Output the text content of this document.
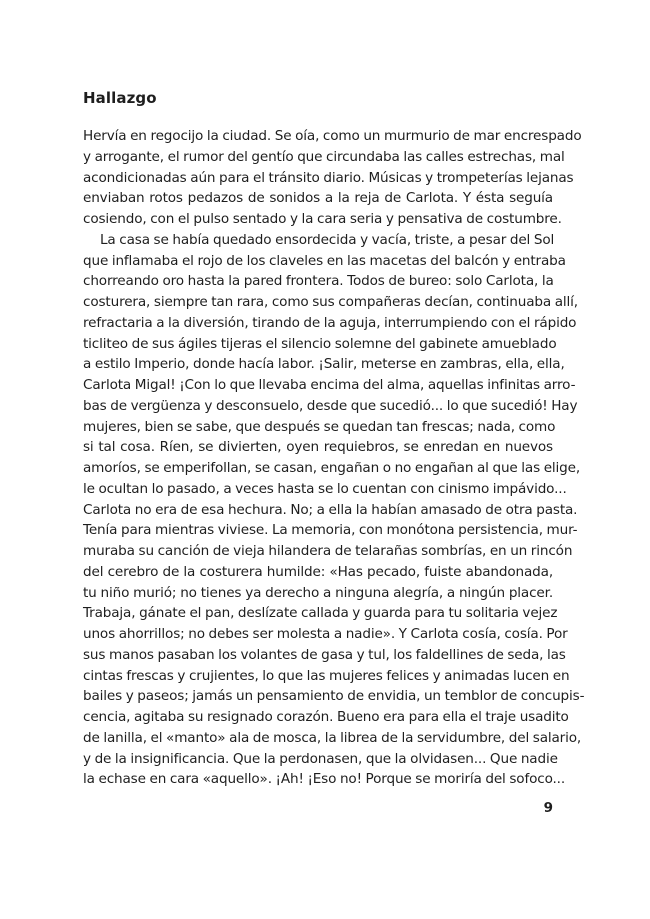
Hallazgo
Hervía en regocijo la ciudad. Se oía, como un murmurio de mar encrespado
y arrogante, el rumor del gentío que circundaba las calles estrechas, mal
acondicionadas aún para el tránsito diario. Músicas y trompeterías lejanas
enviaban rotos pedazos de sonidos a la reja de Carlota. Y ésta seguía
cosiendo, con el pulso sentado y la cara seria y pensativa de costumbre.
La casa se había quedado ensordecida y vacía, triste, a pesar del Sol
que inflamaba el rojo de los claveles en las macetas del balcón y entraba
chorreando oro hasta la pared frontera. Todos de bureo: solo Carlota, la
costurera, siempre tan rara, como sus compañeras decían, continuaba allí,
refractaria a la diversión, tirando de la aguja, interrumpiendo con el rápido
ticliteo de sus ágiles tijeras el silencio solemne del gabinete amueblado
a estilo Imperio, donde hacía labor. ¡Salir, meterse en zambras, ella, ella,
Carlota Migal! ¡Con lo que llevaba encima del alma, aquellas infinitas arro-
bas de vergüenza y desconsuelo, desde que sucedió... lo que sucedió! Hay
mujeres, bien se sabe, que después se quedan tan frescas; nada, como
si tal cosa. Ríen, se divierten, oyen requiebros, se enredan en nuevos
amoríos, se emperifollan, se casan, engañan o no engañan al que las elige,
le ocultan lo pasado, a veces hasta se lo cuentan con cinismo impávido...
Carlota no era de esa hechura. No; a ella la habían amasado de otra pasta.
Tenía para mientras viviese. La memoria, con monótona persistencia, mur-
muraba su canción de vieja hilandera de telarañas sombrías, en un rincón
del cerebro de la costurera humilde: «Has pecado, fuiste abandonada,
tu niño murió; no tienes ya derecho a ninguna alegría, a ningún placer.
Trabaja, gánate el pan, deslízate callada y guarda para tu solitaria vejez
unos ahorrillos; no debes ser molesta a nadie». Y Carlota cosía, cosía. Por
sus manos pasaban los volantes de gasa y tul, los faldellines de seda, las
cintas frescas y crujientes, lo que las mujeres felices y animadas lucen en
bailes y paseos; jamás un pensamiento de envidia, un temblor de concupis-
cencia, agitaba su resignado corazón. Bueno era para ella el traje usadito
de lanilla, el «manto» ala de mosca, la librea de la servidumbre, del salario,
y de la insignificancia. Que la perdonasen, que la olvidasen... Que nadie
la echase en cara «aquello». ¡Ah! ¡Eso no! Porque se moriría del sofoco...
9
